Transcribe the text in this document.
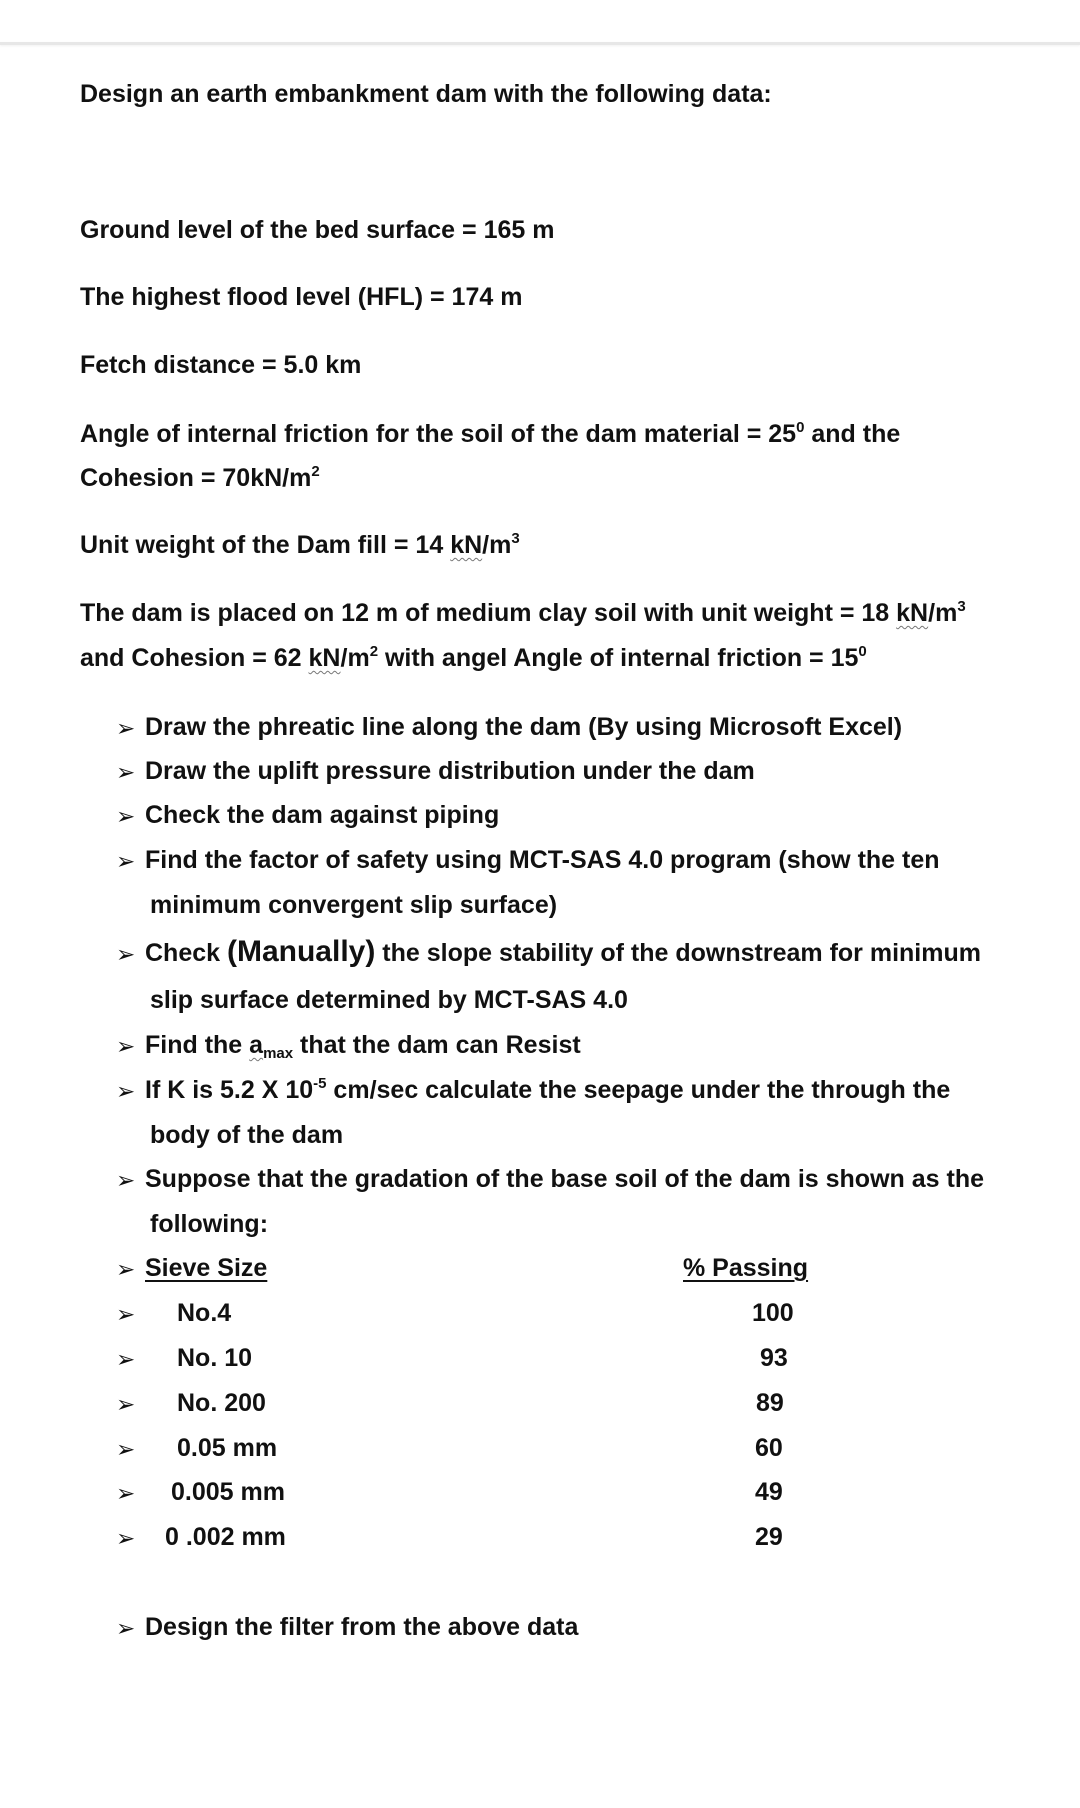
Design an earth embankment dam with the following data:
Ground level of the bed surface = 165 m
The highest flood level (HFL) = 174 m
Fetch distance = 5.0 km
Angle of internal friction for the soil of the dam material = $25^0$ and the
Cohesion = $70kN/m^2$
Unit weight of the Dam fill = 14 $kN/m^3$
The dam is placed on 12 m of medium clay soil with unit weight = 18 $kN/m^3$
and Cohesion = 62 $kN/m^2$ with angel Angle of internal friction = $15^0$
➢ Draw the phreatic line along the dam (By using Microsoft Excel)
➢ Draw the uplift pressure distribution under the dam
➢ Check the dam against piping
➢ Find the factor of safety using MCT-SAS 4.0 program (show the ten
minimum convergent slip surface)
➢ Check (Manually) the slope stability of the downstream for minimum
slip surface determined by MCT-SAS 4.0
➢ Find the $a_{max}$ that the dam can Resist
➢ If K is 5.2 X $10^{-5}$ cm/sec calculate the seepage under the through the
body of the dam
➢ Suppose that the gradation of the base soil of the dam is shown as the
following:
➢ Sieve Size	% Passing
➢ No.4	100
➢ No. 10	93
➢ No. 200	89
➢ 0.05 mm	60
➢ 0.005 mm	49
➢ 0 .002 mm	29
➢ Design the filter from the above data
